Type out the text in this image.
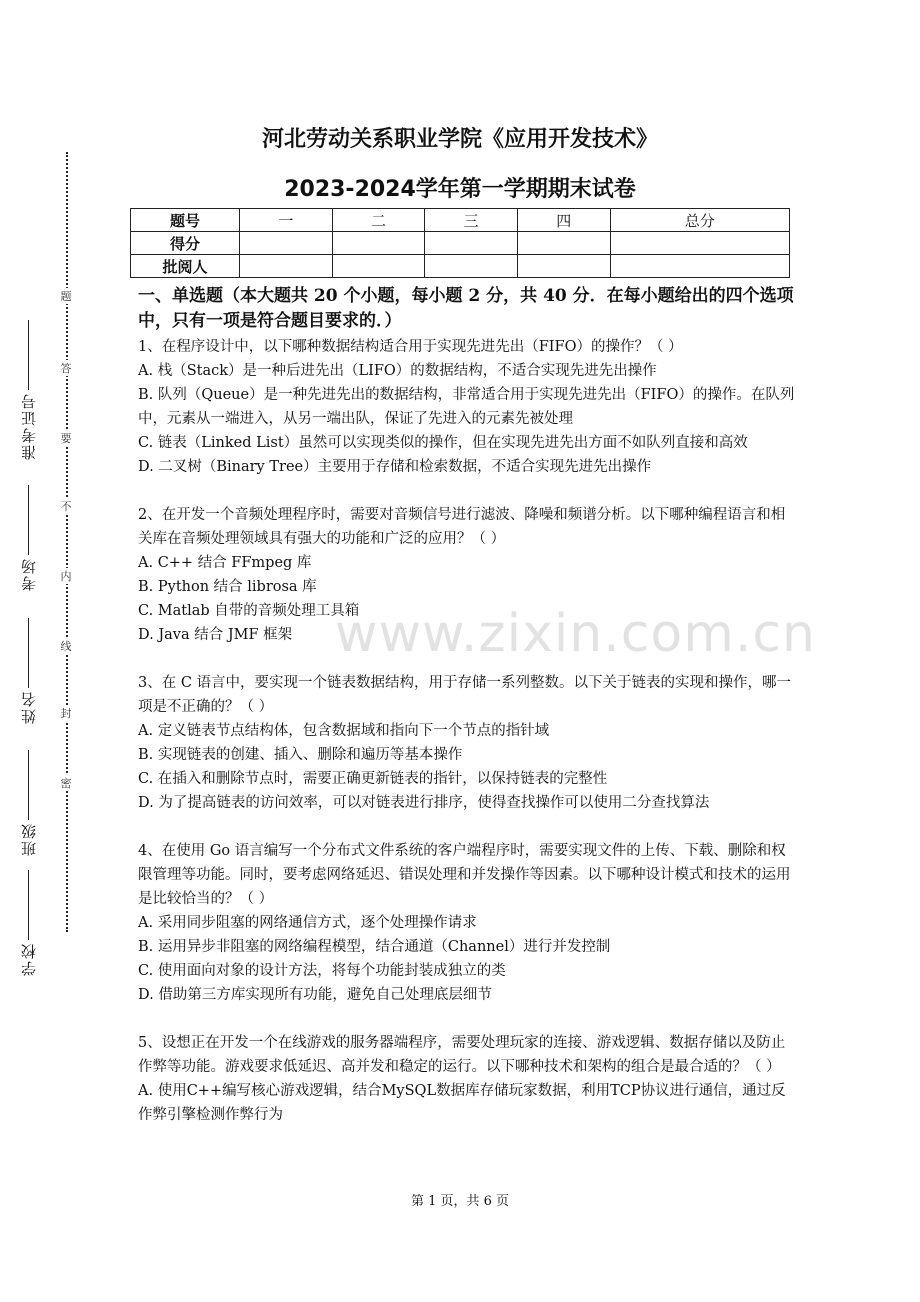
准考证号
考场
姓名
班级
学校
题
答
要
不
内
线
封
密
河北劳动关系职业学院《应用开发技术》
2023-2024学年第一学期期末试卷
题号	一	二	三	四	总分
得分					
批阅人					
一、单选题（本大题共 20 个小题，每小题 2 分，共 40 分．在每小题给出的四个选项中，只有一项是符合题目要求的．）

1、在程序设计中，以下哪种数据结构适合用于实现先进先出（FIFO）的操作？（ ）

A. 栈（Stack）是一种后进先出（LIFO）的数据结构，不适合实现先进先出操作

B. 队列（Queue）是一种先进先出的数据结构，非常适合用于实现先进先出（FIFO）的操作。在队列中，元素从一端进入，从另一端出队，保证了先进入的元素先被处理

C. 链表（Linked List）虽然可以实现类似的操作，但在实现先进先出方面不如队列直接和高效

D. 二叉树（Binary Tree）主要用于存储和检索数据，不适合实现先进先出操作

2、在开发一个音频处理程序时，需要对音频信号进行滤波、降噪和频谱分析。以下哪种编程语言和相关库在音频处理领域具有强大的功能和广泛的应用？（ ）

A. C++ 结合 FFmpeg 库

B. Python 结合 librosa 库

C. Matlab 自带的音频处理工具箱

D. Java 结合 JMF 框架

3、在 C 语言中，要实现一个链表数据结构，用于存储一系列整数。以下关于链表的实现和操作，哪一项是不正确的？（ ）

A. 定义链表节点结构体，包含数据域和指向下一个节点的指针域

B. 实现链表的创建、插入、删除和遍历等基本操作

C. 在插入和删除节点时，需要正确更新链表的指针，以保持链表的完整性

D. 为了提高链表的访问效率，可以对链表进行排序，使得查找操作可以使用二分查找算法

4、在使用 Go 语言编写一个分布式文件系统的客户端程序时，需要实现文件的上传、下载、删除和权限管理等功能。同时，要考虑网络延迟、错误处理和并发操作等因素。以下哪种设计模式和技术的运用是比较恰当的？（ ）

A. 采用同步阻塞的网络通信方式，逐个处理操作请求

B. 运用异步非阻塞的网络编程模型，结合通道（Channel）进行并发控制

C. 使用面向对象的设计方法，将每个功能封装成独立的类

D. 借助第三方库实现所有功能，避免自己处理底层细节

5、设想正在开发一个在线游戏的服务器端程序，需要处理玩家的连接、游戏逻辑、数据存储以及防止作弊等功能。游戏要求低延迟、高并发和稳定的运行。以下哪种技术和架构的组合是最合适的？（ ）

A. 使用C++编写核心游戏逻辑，结合MySQL数据库存储玩家数据，利用TCP协议进行通信，通过反作弊引擎检测作弊行为

www.zixin.com.cn
第 1 页，共 6 页
